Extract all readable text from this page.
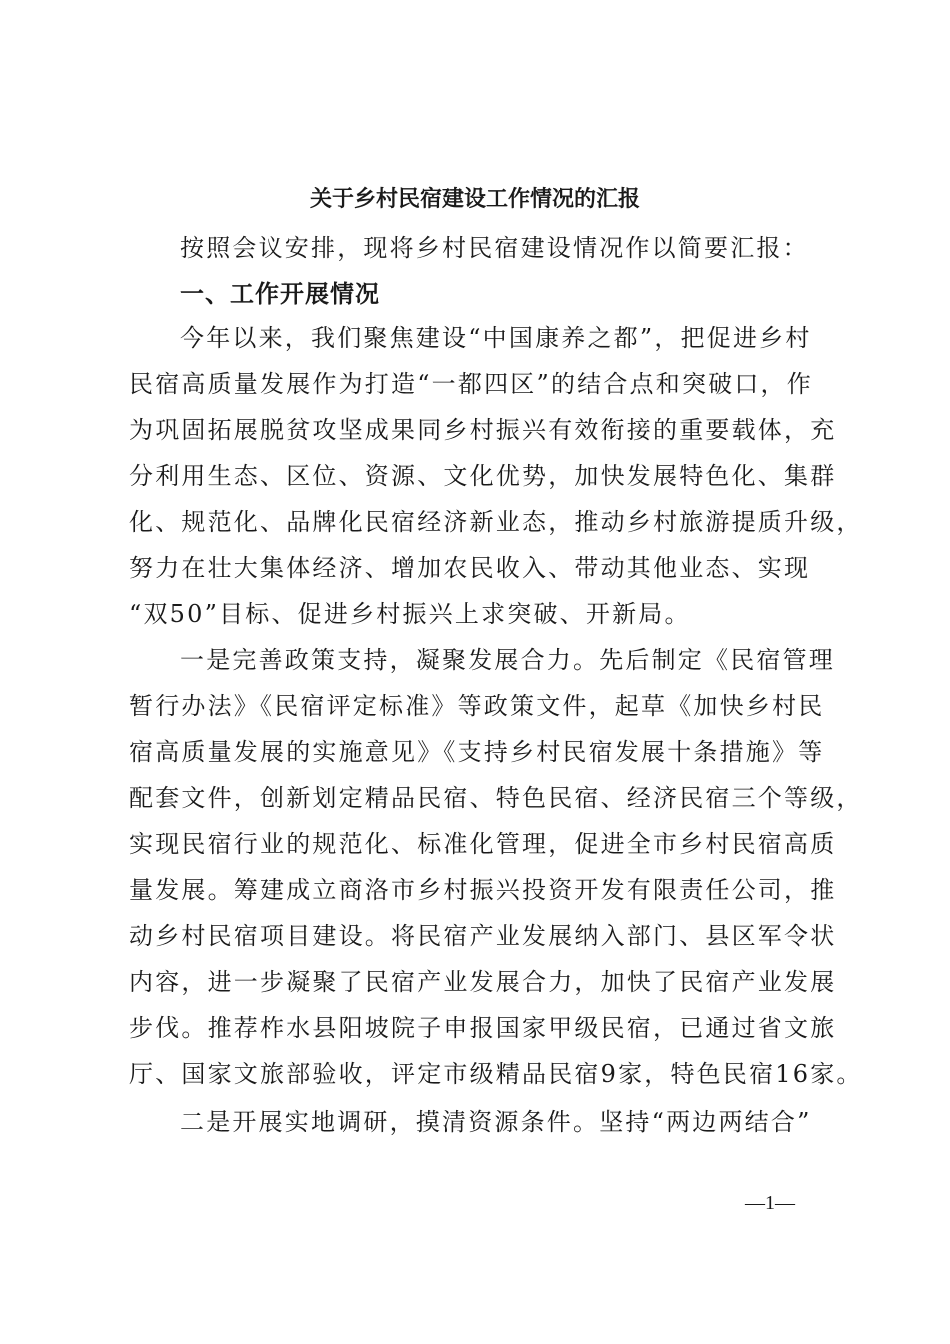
关于乡村民宿建设工作情况的汇报
按照会议安排，现将乡村民宿建设情况作以简要汇报：
一、工作开展情况
今年以来，我们聚焦建设“中国康养之都”，把促进乡村
民宿高质量发展作为打造“一都四区”的结合点和突破口，作
为巩固拓展脱贫攻坚成果同乡村振兴有效衔接的重要载体，充
分利用生态、区位、资源、文化优势，加快发展特色化、集群
化、规范化、品牌化民宿经济新业态，推动乡村旅游提质升级，
努力在壮大集体经济、增加农民收入、带动其他业态、实现
“双50”目标、促进乡村振兴上求突破、开新局。
一是完善政策支持，凝聚发展合力。先后制定《民宿管理
暂行办法》《民宿评定标准》等政策文件，起草《加快乡村民
宿高质量发展的实施意见》《支持乡村民宿发展十条措施》等
配套文件，创新划定精品民宿、特色民宿、经济民宿三个等级，
实现民宿行业的规范化、标准化管理，促进全市乡村民宿高质
量发展。筹建成立商洛市乡村振兴投资开发有限责任公司，推
动乡村民宿项目建设。将民宿产业发展纳入部门、县区军令状
内容，进一步凝聚了民宿产业发展合力，加快了民宿产业发展
步伐。推荐柞水县阳坡院子申报国家甲级民宿，已通过省文旅
厅、国家文旅部验收，评定市级精品民宿9家，特色民宿16家。
二是开展实地调研，摸清资源条件。坚持“两边两结合”
—1—
